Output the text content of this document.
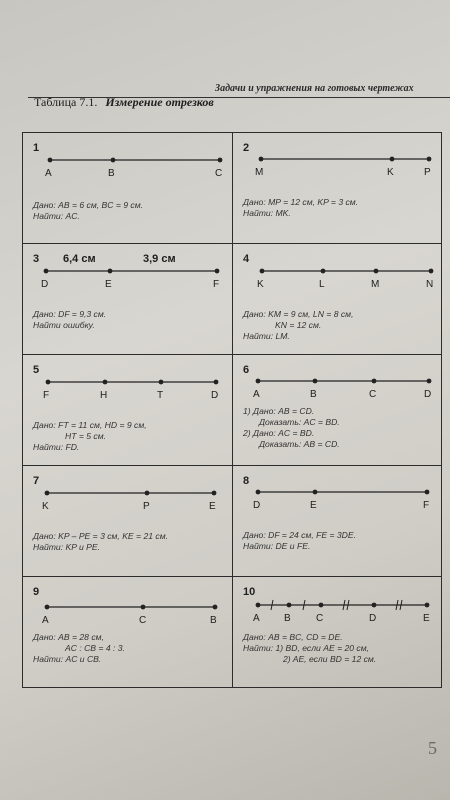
Задачи и упражнения на готовых чертежах
Таблица 7.1. Измерение отрезков
1
A	B	C
Дано: AB = 6 см, BC = 9 см.
Найти: AC.
2
M	K	P
Дано: MP = 12 см, KP = 3 см.
Найти: MK.
3 6,4 см	3,9 см
D	E	F
Дано: DF = 9,3 см.
Найти ошибку.
4
K	L	M	N
Дано: KM = 9 см, LN = 8 см,
KN = 12 см.
Найти: LM.
5
F	H	T	D
Дано: FT = 11 см, HD = 9 см,
HT = 5 см.
Найти: FD.
6
A	B	C	D
1) Дано: AB = CD.
Доказать: AC = BD.
2) Дано: AC = BD.
Доказать: AB = CD.
7
K	P	E
Дано: KP – PE = 3 см, KE = 21 см.
Найти: KP и PE.
8
D	E	F
Дано: DF = 24 см, FE = 3DE.
Найти: DE и FE.
9
A	C	B
Дано: AB = 28 см,
AC : CB = 4 : 3.
Найти: AC и CB.
10
A B	C	D	E
Дано: AB = BC, CD = DE.
Найти: 1) BD, если AE = 20 см,
2) AE, если BD = 12 см.
5
